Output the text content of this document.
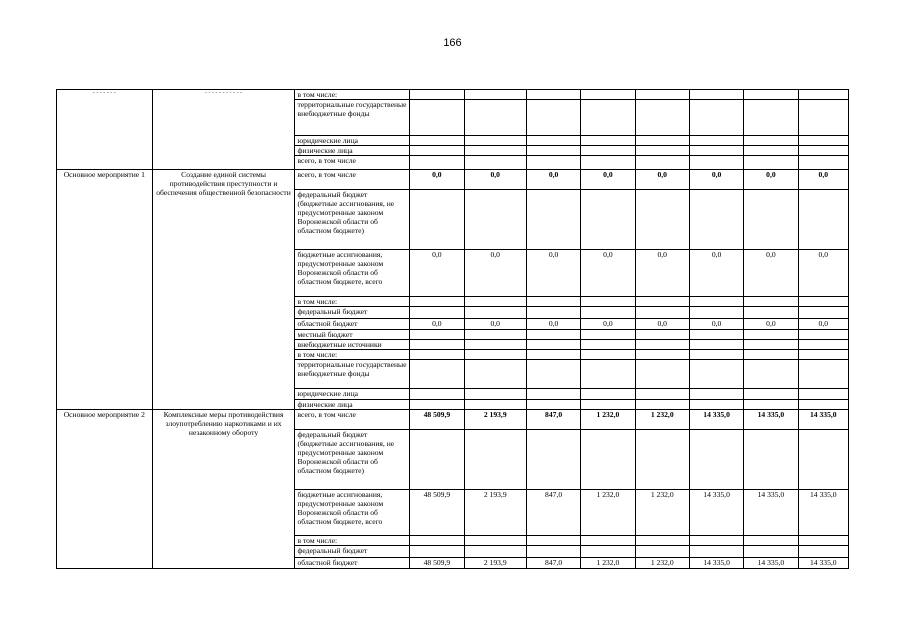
166
- - - - - - -	- - - - - - - - - - -	в том числе:								
		территориальные государственые внебюджетные фонды								
		юридические лица								
		физические лица								
		всего, в том числе								
Основное мероприятие 1	Создание единой системы противодействия преступности и обеспечения общественной безопасности	всего, в том числе	0,0	0,0	0,0	0,0	0,0	0,0	0,0	0,0
		федеральный бюджет (бюджетные ассигнования, не предусмотренные законом Воронежской области об областном бюджете)								
		бюджетные ассигнования, предусмотренные законом Воронежской области об областном бюджете, всего	0,0	0,0	0,0	0,0	0,0	0,0	0,0	0,0
		в том числе:								
		федеральный бюджет								
		областной бюджет	0,0	0,0	0,0	0,0	0,0	0,0	0,0	0,0
		местный бюджет								
		внебюджетные источники								
		в том числе:								
		территориальные государственые внебюджетные фонды								
		юридические лица								
		физические лица								
Основное мероприятие 2	Комплексные меры противодействия злоупотреблению наркотиками и их незаконному обороту	всего, в том числе	48 509,9	2 193,9	847,0	1 232,0	1 232,0	14 335,0	14 335,0	14 335,0
		федеральный бюджет (бюджетные ассигнования, не предусмотренные законом Воронежской области об областном бюджете)								
		бюджетные ассигнования, предусмотренные законом Воронежской области об областном бюджете, всего	48 509,9	2 193,9	847,0	1 232,0	1 232,0	14 335,0	14 335,0	14 335,0
		в том числе:								
		федеральный бюджет								
		областной бюджет	48 509,9	2 193,9	847,0	1 232,0	1 232,0	14 335,0	14 335,0	14 335,0
